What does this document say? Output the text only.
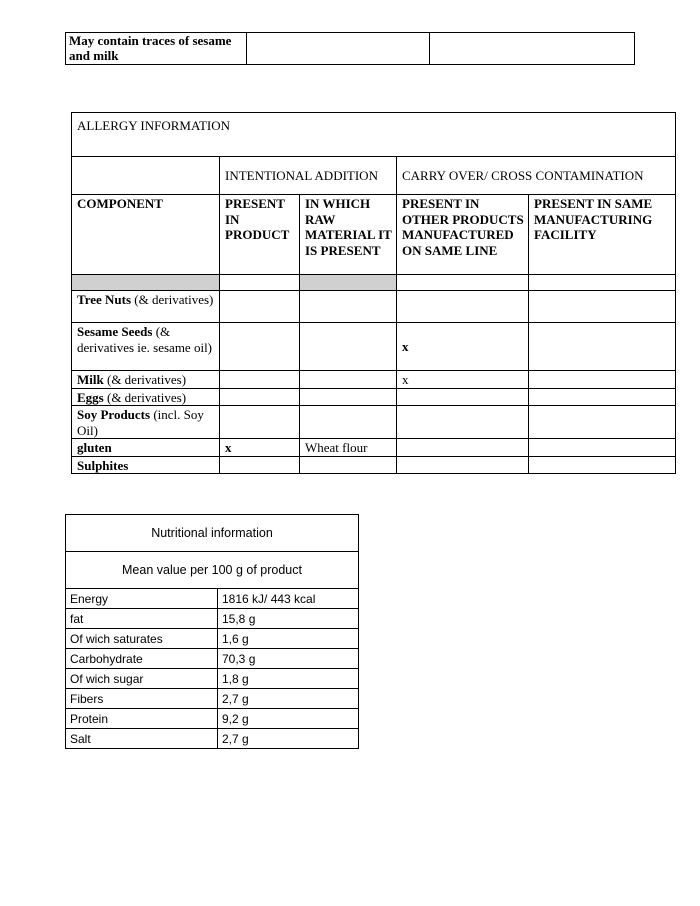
May contain traces of sesame and milk		
ALLERGY INFORMATION				
	INTENTIONAL ADDITION		CARRY OVER/ CROSS CONTAMINATION	
COMPONENT	PRESENT IN PRODUCT	IN WHICH RAW MATERIAL IT IS PRESENT	PRESENT IN OTHER PRODUCTS MANUFACTURED ON SAME LINE	PRESENT IN SAME MANUFACTURING FACILITY

Tree Nuts (& derivatives)				
Sesame Seeds (& derivatives ie. sesame oil)			x	
Milk (& derivatives)			x	
Eggs (& derivatives)				
Soy Products (incl. Soy Oil)				
gluten	x	Wheat flour		
Sulphites				
Nutritional information	
Mean value per 100 g of product	
Energy	1816 kJ/ 443 kcal
fat	15,8 g
Of wich saturates	1,6 g
Carbohydrate	70,3 g
Of wich sugar	1,8 g
Fibers	2,7 g
Protein	9,2 g
Salt	2,7 g
